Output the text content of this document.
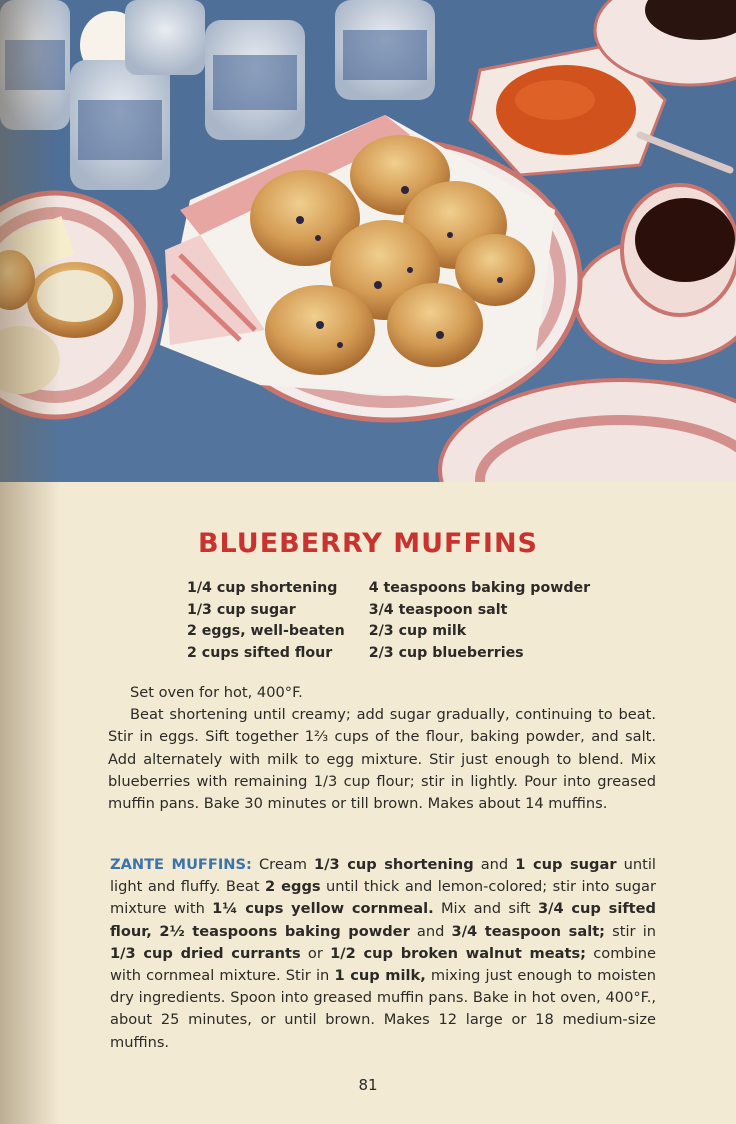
BLUEBERRY MUFFINS
1/4 cup shortening
1/3 cup sugar
2 eggs, well-beaten
2 cups sifted flour
4 teaspoons baking powder
3/4 teaspoon salt
2/3 cup milk
2/3 cup blueberries

Set oven for hot, 400°F.

Beat shortening until creamy; add sugar gradually, continuing to beat. Stir in eggs. Sift together 1⅔ cups of the flour, baking powder, and salt. Add alternately with milk to egg mixture. Stir just enough to blend. Mix blueberries with remaining 1/3 cup flour; stir in lightly. Pour into greased muffin pans. Bake 30 minutes or till brown. Makes about 14 muffins.

ZANTE MUFFINS: Cream 1/3 cup shortening and 1 cup sugar until light and fluffy. Beat 2 eggs until thick and lemon-colored; stir into sugar mixture with 1¼ cups yellow cornmeal. Mix and sift 3/4 cup sifted flour, 2½ teaspoons baking powder and 3/4 teaspoon salt; stir in 1/3 cup dried currants or 1/2 cup broken walnut meats; combine with cornmeal mixture. Stir in 1 cup milk, mixing just enough to moisten dry ingredients. Spoon into greased muffin pans. Bake in hot oven, 400°F., about 25 minutes, or until brown. Makes 12 large or 18 medium-size muffins.

81
